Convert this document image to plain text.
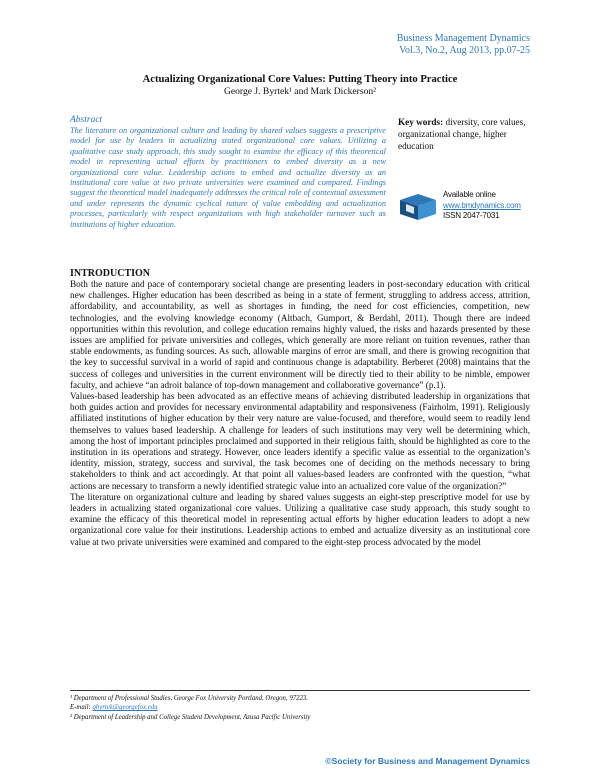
Business Management Dynamics
Vol.3, No.2, Aug 2013, pp.07-25
Actualizing Organizational Core Values: Putting Theory into Practice
George J. Byrtek¹ and Mark Dickerson²
Abstract
The literature on organizational culture and leading by shared values suggests a prescriptive model for use by leaders in actualizing stated organizational core values. Utilizing a qualitative case study approach, this study sought to examine the efficacy of this theoretical model in representing actual efforts by practitioners to embed diversity as a new organizational core value. Leadership actions to embed and actualize diversity as an institutional core value at two private universities were examined and compared. Findings suggest the theoretical model inadequately addresses the critical role of contextual assessment and under represents the dynamic cyclical nature of value embedding and actualization processes, particularly with respect organizations with high stakeholder turnover such as institutions of higher education.
Key words: diversity, core values, organizational change, higher education
Available online
www.bmdynamics.com
ISSN 2047-7031
INTRODUCTION

Both the nature and pace of contemporary societal change are presenting leaders in post-secondary education with critical new challenges. Higher education has been described as being in a state of ferment, struggling to address access, attrition, affordability, and accountability, as well as shortages in funding, the need for cost efficiencies, competition, new technologies, and the evolving knowledge economy (Altbach, Gumport, & Berdahl, 2011). Though there are indeed opportunities within this revolution, and college education remains highly valued, the risks and hazards presented by these issues are amplified for private universities and colleges, which generally are more reliant on tuition revenues, rather than stable endowments, as funding sources. As such, allowable margins of error are small, and there is growing recognition that the key to successful survival in a world of rapid and continuous change is adaptability. Berberet (2008) maintains that the success of colleges and universities in the current environment will be directly tied to their ability to be nimble, empower faculty, and achieve “an adroit balance of top-down management and collaborative governance” (p.1).

Values-based leadership has been advocated as an effective means of achieving distributed leadership in organizations that both guides action and provides for necessary environmental adaptability and responsiveness (Fairholm, 1991). Religiously affiliated institutions of higher education by their very nature are value-focused, and therefore, would seem to readily lend themselves to values based leadership. A challenge for leaders of such institutions may very well be determining which, among the host of important principles proclaimed and supported in their religious faith, should be highlighted as core to the institution in its operations and strategy. However, once leaders identify a specific value as essential to the organization’s identity, mission, strategy, success and survival, the task becomes one of deciding on the methods necessary to bring stakeholders to think and act accordingly. At that point all values-based leaders are confronted with the question, “what actions are necessary to transform a newly identified strategic value into an actualized core value of the organization?”

The literature on organizational culture and leading by shared values suggests an eight-step prescriptive model for use by leaders in actualizing stated organizational core values. Utilizing a qualitative case study approach, this study sought to examine the efficacy of this theoretical model in representing actual efforts by higher education leaders to adopt a new organizational core value for their institutions. Leadership actions to embed and actualize diversity as an institutional core value at two private universities were examined and compared to the eight-step process advocated by the model

¹ Department of Professional Studies, George Fox University Portland, Oregon, 97223.
E-mail: gbyrtek@georgefox.edu
² Department of Leadership and College Student Development, Azusa Pacific University
©Society for Business and Management Dynamics
